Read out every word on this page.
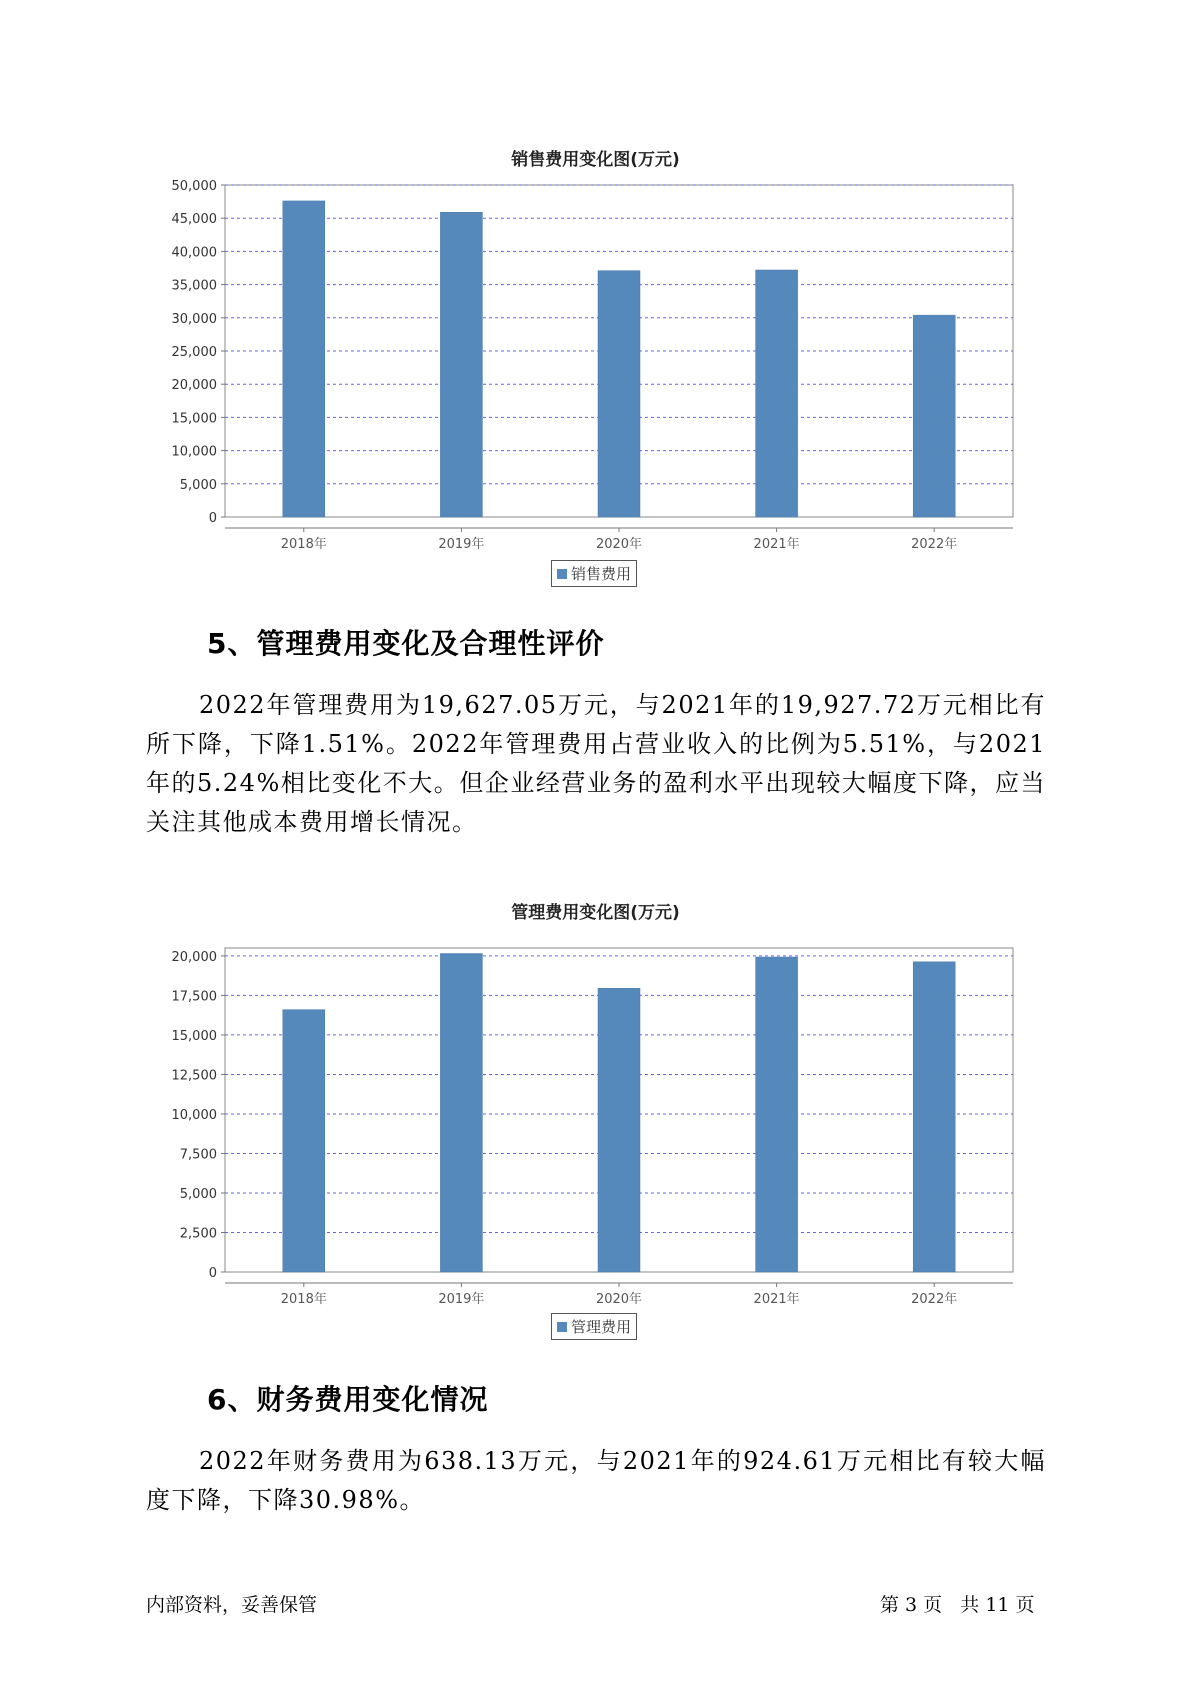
销售费用变化图(万元)
0
5,000
10,000
15,000
20,000
25,000
30,000
35,000
40,000
45,000
50,000
2018年	2019年	2020年	2021年	2022年
销售费用
5、管理费用变化及合理性评价
2022年管理费用为19,627.05万元，与2021年的19,927.72万元相比有所下降，下降1.51%。2022年管理费用占营业收入的比例为5.51%，与2021年的5.24%相比变化不大。但企业经营业务的盈利水平出现较大幅度下降，应当关注其他成本费用增长情况。
管理费用变化图(万元)
0
2,500
5,000
7,500
10,000
12,500
15,000
17,500
20,000
2018年	2019年	2020年	2021年	2022年
管理费用
6、财务费用变化情况
2022年财务费用为638.13万元，与2021年的924.61万元相比有较大幅度下降，下降30.98%。
内部资料，妥善保管	第 3 页   共 11 页
